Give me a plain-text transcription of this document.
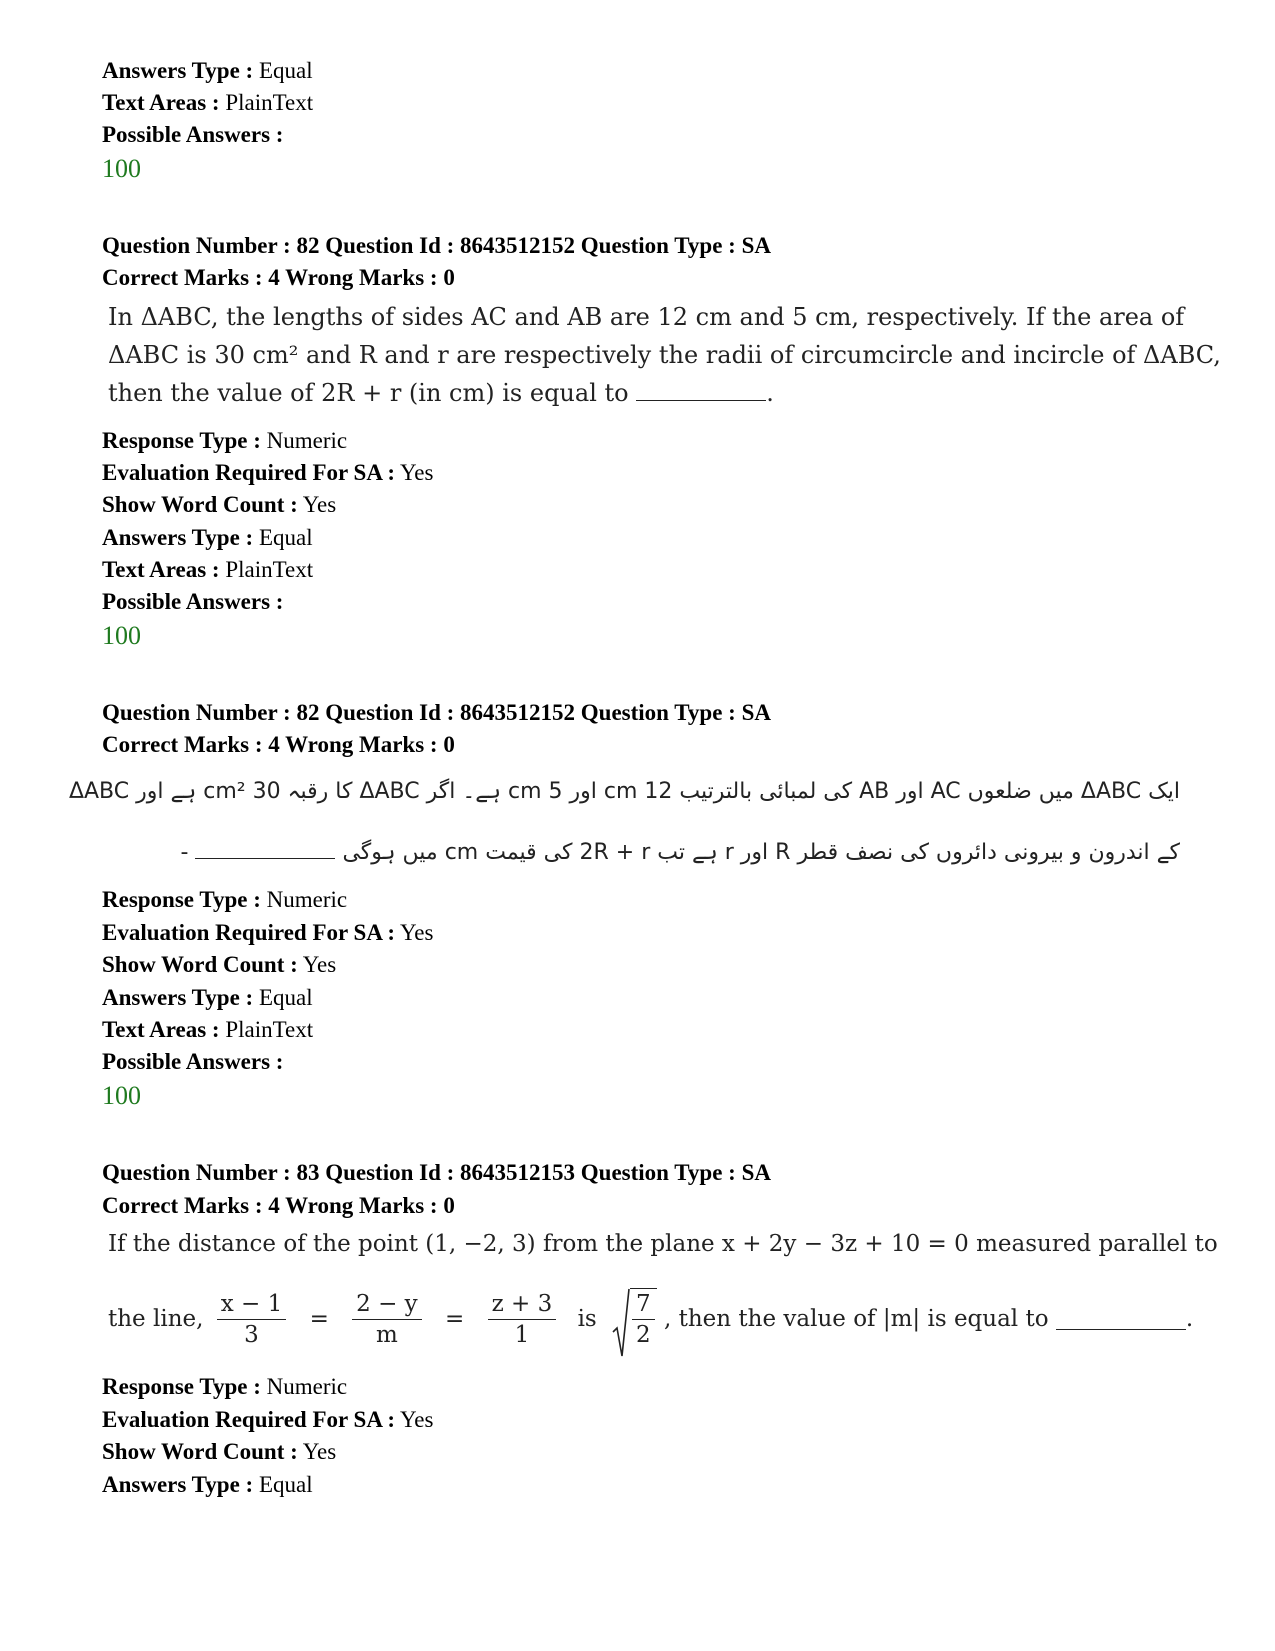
Answers Type : Equal
Text Areas : PlainText
Possible Answers :
100
Question Number : 82 Question Id : 8643512152 Question Type : SA
Correct Marks : 4 Wrong Marks : 0
In ΔABC, the lengths of sides AC and AB are 12 cm and 5 cm, respectively. If the area of
ΔABC is 30 cm² and R and r are respectively the radii of circumcircle and incircle of ΔABC,
then the value of 2R + r (in cm) is equal to	.
Response Type : Numeric
Evaluation Required For SA : Yes
Show Word Count : Yes
Answers Type : Equal
Text Areas : PlainText
Possible Answers :
100
Question Number : 82 Question Id : 8643512152 Question Type : SA
Correct Marks : 4 Wrong Marks : 0
ایک ΔABC میں ضلعوں AC اور AB کی لمبائی بالترتیب 12 cm اور 5 cm ہے۔ اگر ΔABC کا رقبہ 30 cm² ہے اور ΔABC
کے اندرون و بیرونی دائروں کی نصف قطر R اور r ہے تب 2R + r کی قیمت cm میں ہوگی  -
Response Type : Numeric
Evaluation Required For SA : Yes
Show Word Count : Yes
Answers Type : Equal
Text Areas : PlainText
Possible Answers :
100
Question Number : 83 Question Id : 8643512153 Question Type : SA
Correct Marks : 4 Wrong Marks : 0
If the distance of the point (1, −2, 3) from the plane x + 2y − 3z + 10 = 0 measured parallel to
the line, $\frac{x - 1}{3} = \frac{2 - y}{m} = \frac{z + 3}{1}$ is $\frac{7}{2}$ , then the value of |m| is equal to	.
Response Type : Numeric
Evaluation Required For SA : Yes
Show Word Count : Yes
Answers Type : Equal
